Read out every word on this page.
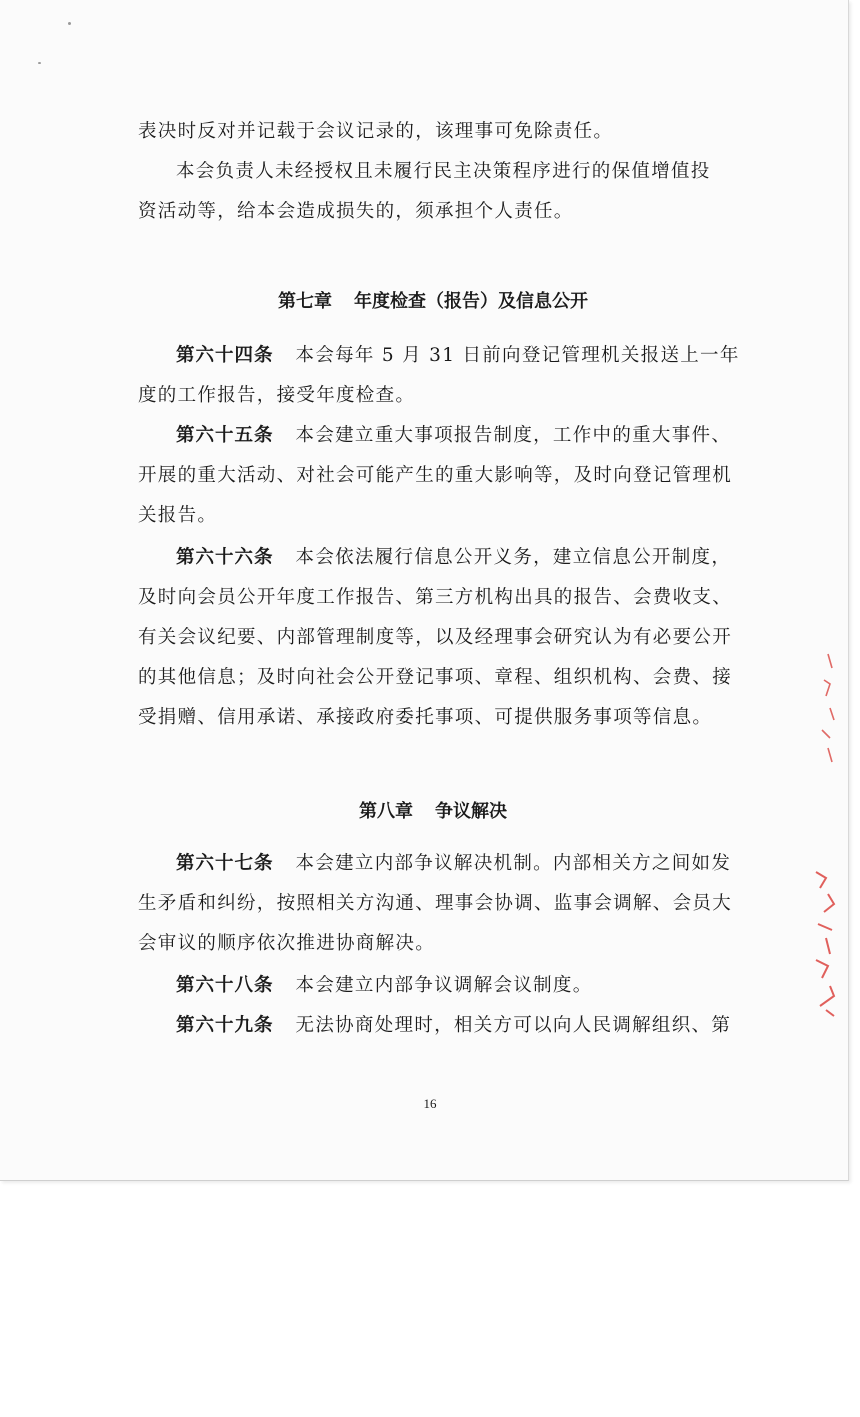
表决时反对并记载于会议记录的，该理事可免除责任。
本会负责人未经授权且未履行民主决策程序进行的保值增值投
资活动等，给本会造成损失的，须承担个人责任。
第七章 年度检查（报告）及信息公开
第六十四条 本会每年 5 月 31 日前向登记管理机关报送上一年
度的工作报告，接受年度检查。
第六十五条 本会建立重大事项报告制度，工作中的重大事件、
开展的重大活动、对社会可能产生的重大影响等，及时向登记管理机
关报告。
第六十六条 本会依法履行信息公开义务，建立信息公开制度，
及时向会员公开年度工作报告、第三方机构出具的报告、会费收支、
有关会议纪要、内部管理制度等，以及经理事会研究认为有必要公开
的其他信息；及时向社会公开登记事项、章程、组织机构、会费、接
受捐赠、信用承诺、承接政府委托事项、可提供服务事项等信息。
第八章 争议解决
第六十七条 本会建立内部争议解决机制。内部相关方之间如发
生矛盾和纠纷，按照相关方沟通、理事会协调、监事会调解、会员大
会审议的顺序依次推进协商解决。
第六十八条 本会建立内部争议调解会议制度。
第六十九条 无法协商处理时，相关方可以向人民调解组织、第
16
